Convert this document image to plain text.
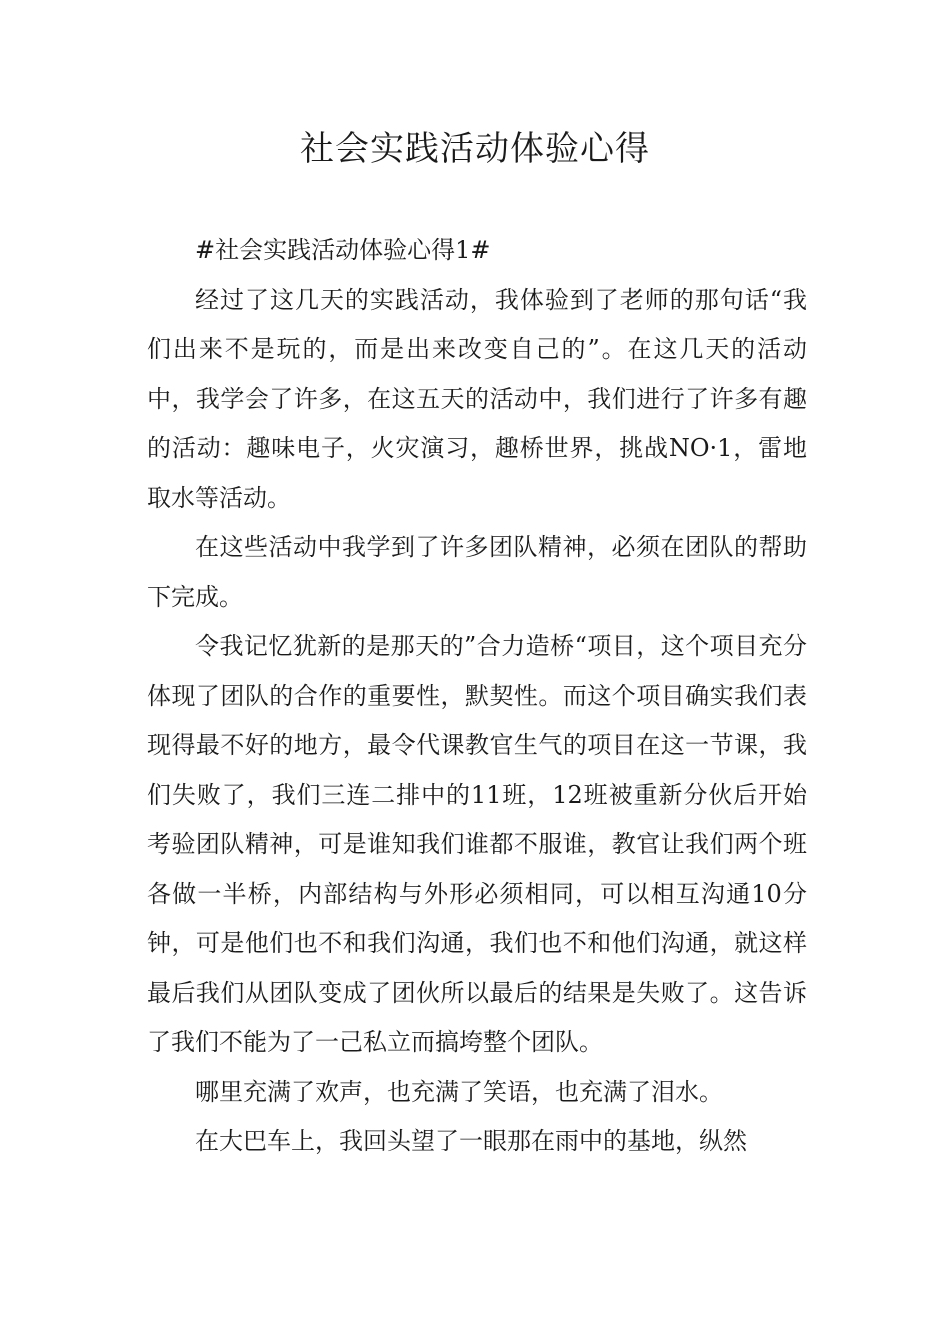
社会实践活动体验心得

#社会实践活动体验心得1#

经过了这几天的实践活动，我体验到了老师的那句话“我们出来不是玩的，而是出来改变自己的”。在这几天的活动中，我学会了许多，在这五天的活动中，我们进行了许多有趣的活动：趣味电子，火灾演习，趣桥世界，挑战NO·1，雷地取水等活动。

在这些活动中我学到了许多团队精神，必须在团队的帮助下完成。

令我记忆犹新的是那天的”合力造桥“项目，这个项目充分体现了团队的合作的重要性，默契性。而这个项目确实我们表现得最不好的地方，最令代课教官生气的项目在这一节课，我们失败了，我们三连二排中的11班，12班被重新分伙后开始考验团队精神，可是谁知我们谁都不服谁，教官让我们两个班各做一半桥，内部结构与外形必须相同，可以相互沟通10分钟，可是他们也不和我们沟通，我们也不和他们沟通，就这样最后我们从团队变成了团伙所以最后的结果是失败了。这告诉了我们不能为了一己私立而搞垮整个团队。

哪里充满了欢声，也充满了笑语，也充满了泪水。

在大巴车上，我回头望了一眼那在雨中的基地，纵然
